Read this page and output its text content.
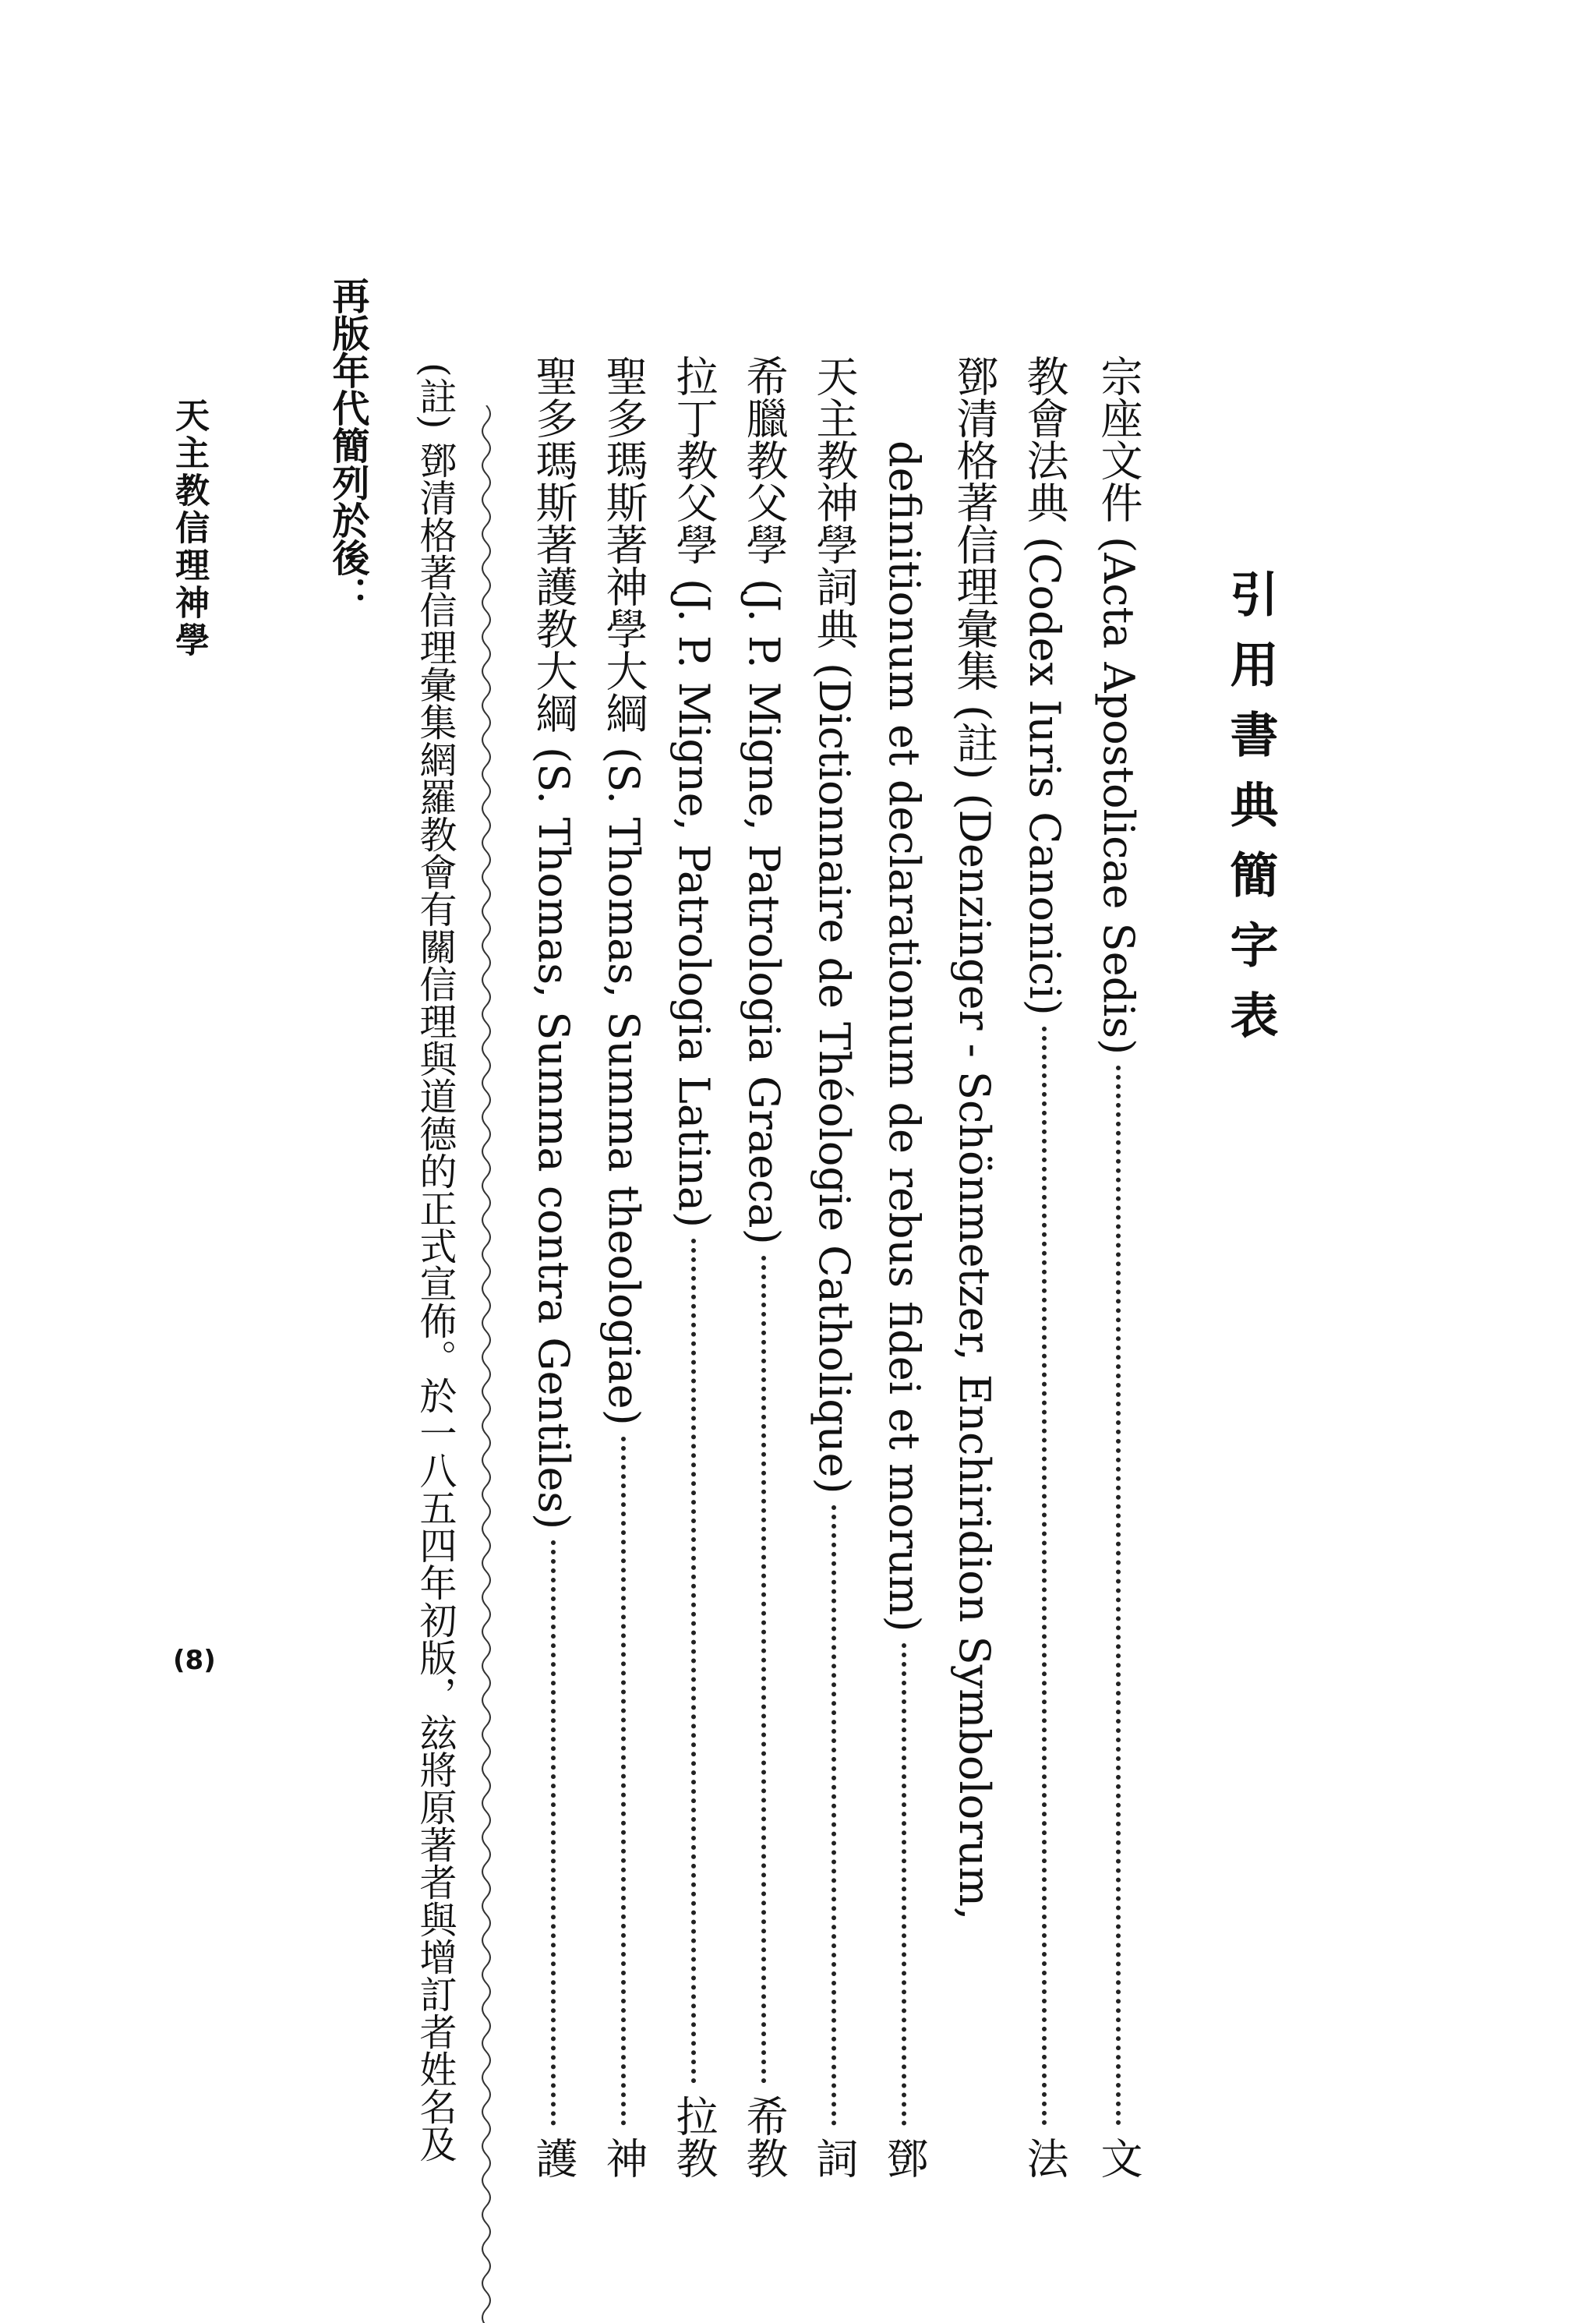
引用書典簡字表
宗座文件 (Acta Apostolicae Sedis)
文
教會法典 (Codex Iuris Canonici)
法
鄧清格著信理彙集 (註) (Denzinger - Schönmetzer, Enchiridion Symbolorum,
definitionum et declarationum de rebus fidei et morum)
鄧
天主教神學詞典 (Dictionnaire de Théologie Catholique)
詞
希臘教父學 (J. P. Migne, Patrologia Graeca)
希教
拉丁教父學 (J. P. Migne, Patrologia Latina)
拉教
聖多瑪斯著神學大綱 (S. Thomas, Summa theologiae)
神
聖多瑪斯著護教大綱 (S. Thomas, Summa contra Gentiles)
護
(註) 鄧清格著信理彙集網羅教會有關信理與道德的正式宣佈。於一八五四年初版，玆將原著者與增訂者姓名及
再版年代簡列於後：
天主教信理神學
(8)
